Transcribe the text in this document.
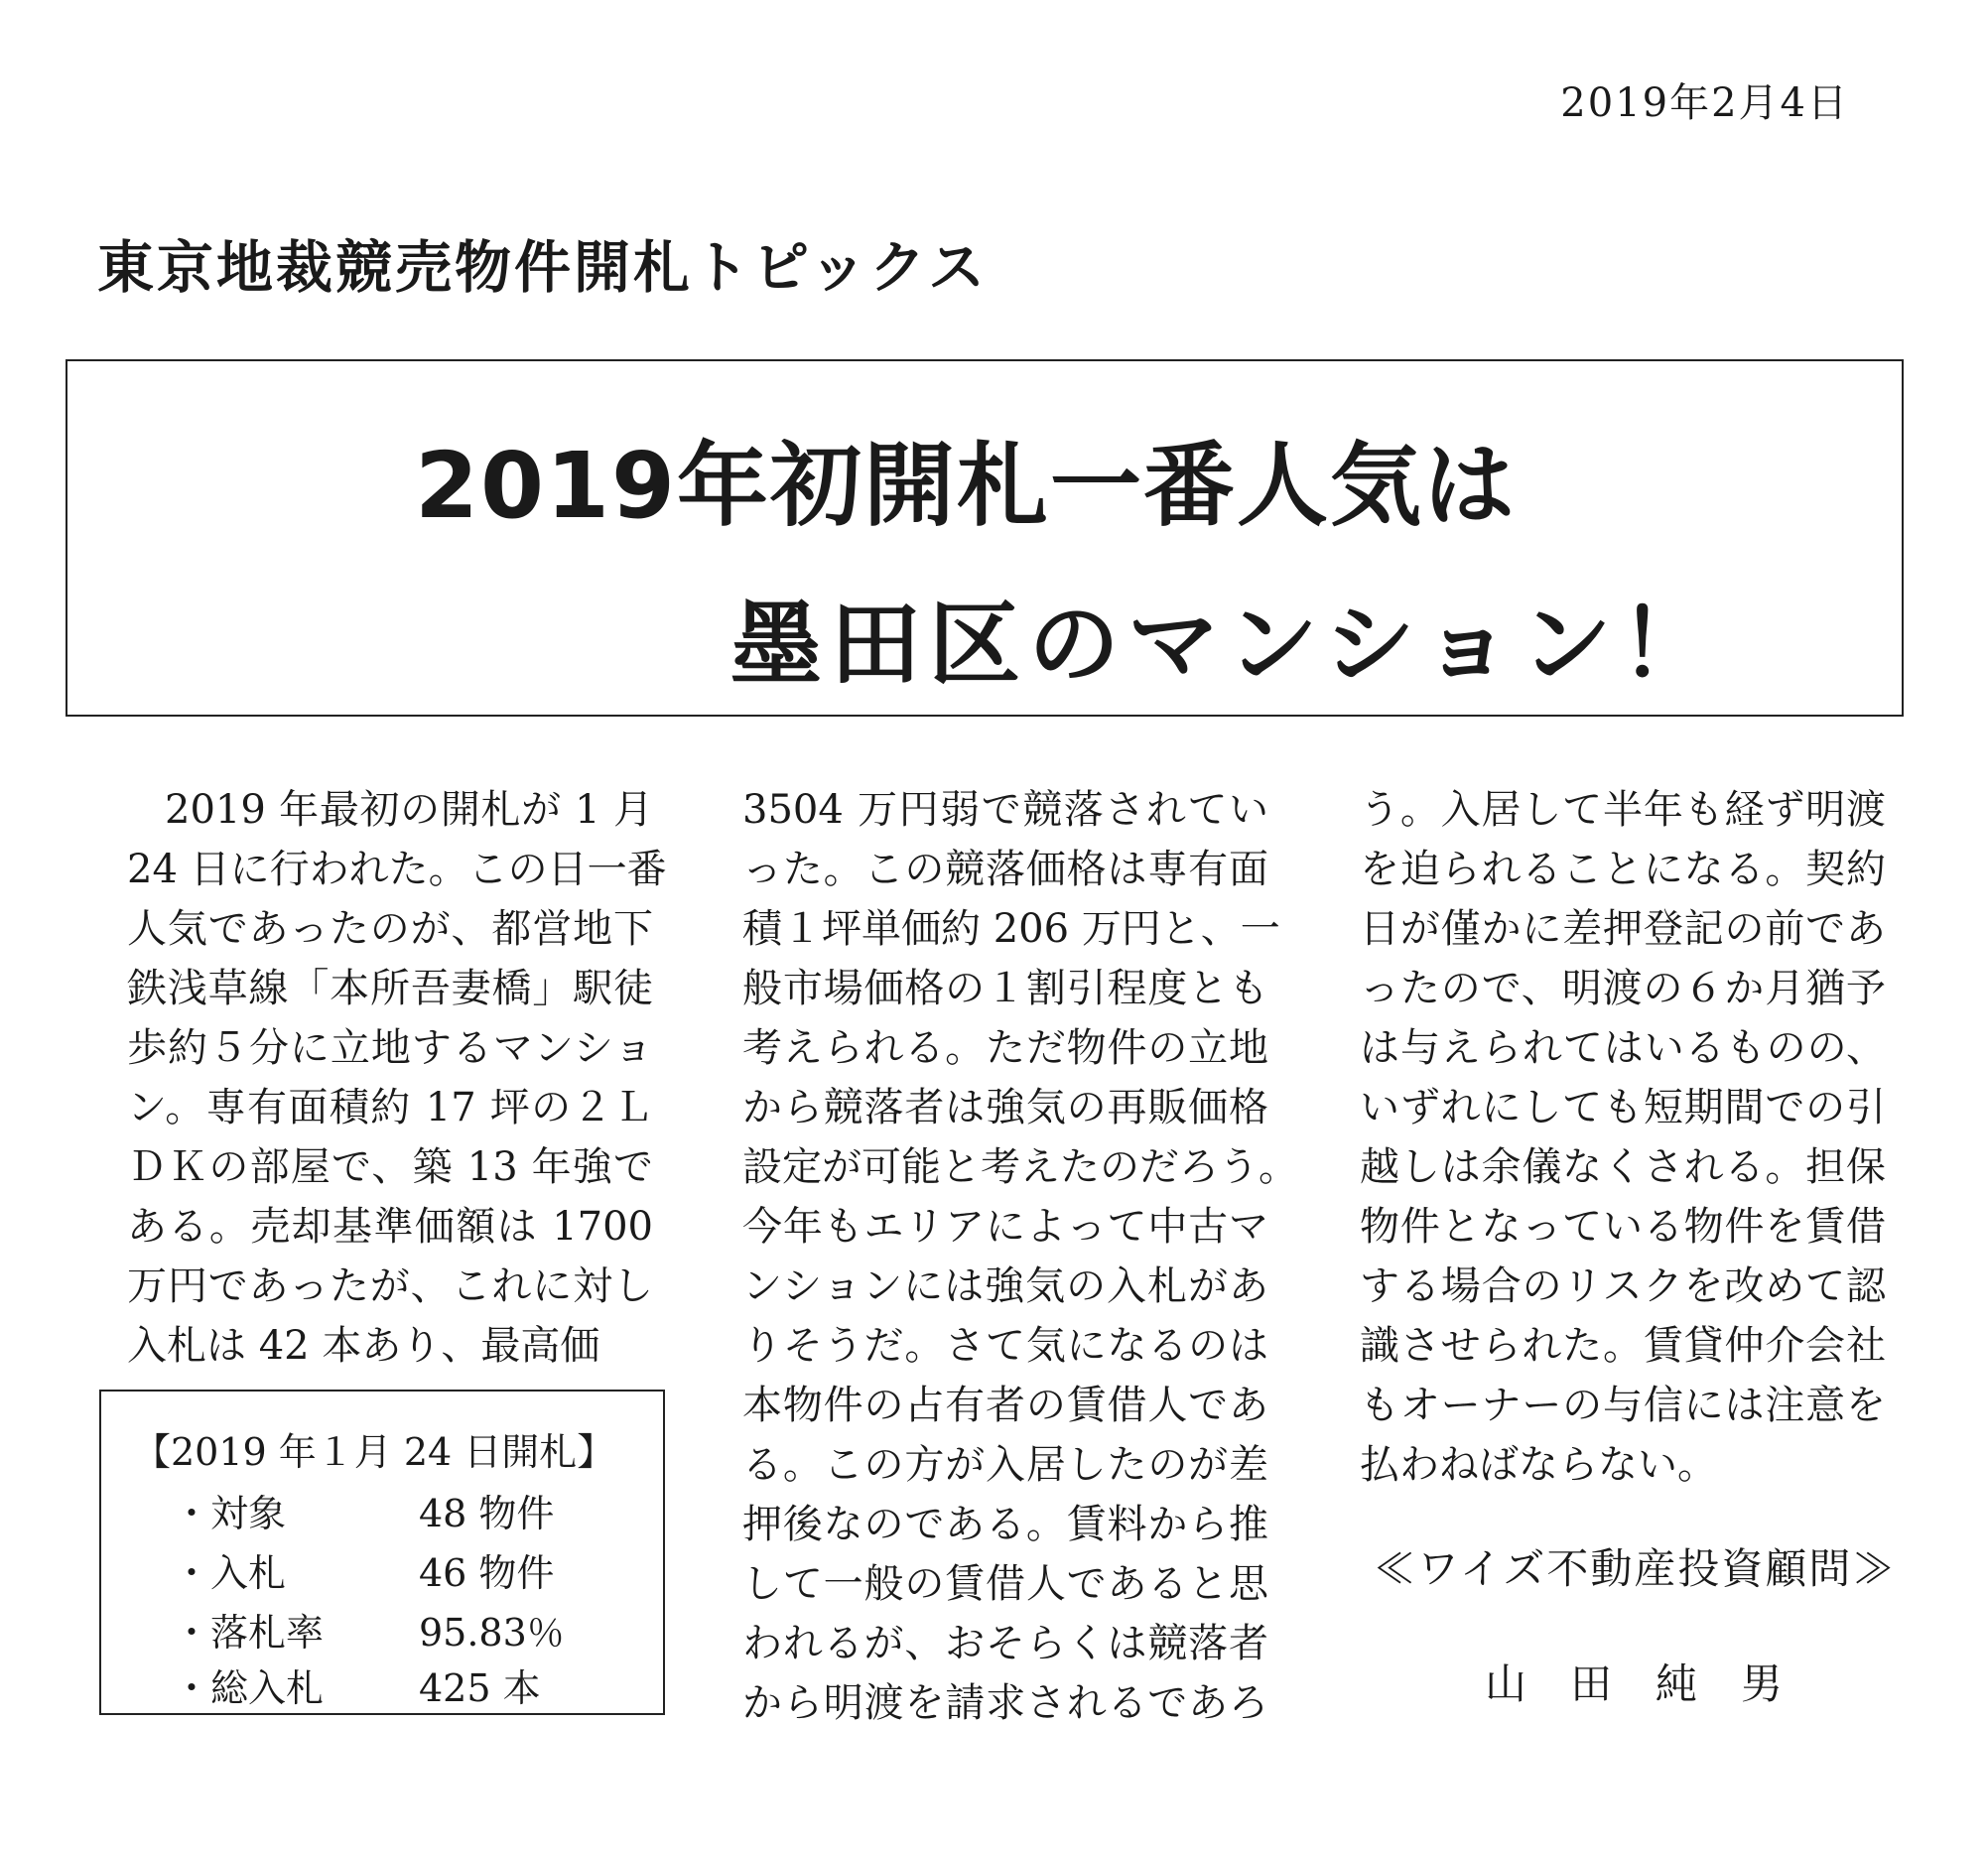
2019年2月4日
東京地裁競売物件開札トピックス
2019年初開札一番人気は
墨田区のマンション！
2019 年最初の開札が 1 月
24 日に行われた。この日一番
人気であったのが、都営地下
鉄浅草線「本所吾妻橋」駅徒
歩約５分に立地するマンショ
ン。専有面積約 17 坪の２Ｌ
ＤＫの部屋で、築 13 年強で
ある。売却基準価額は 1700
万円であったが、これに対し
入札は 42 本あり、最高価
【2019 年１月 24 日開札】
・対象	48 物件
・入札	46 物件
・落札率	95.83％
・総入札	425 本
3504 万円弱で競落されてい
った。この競落価格は専有面
積１坪単価約 206 万円と、一
般市場価格の１割引程度とも
考えられる。ただ物件の立地
から競落者は強気の再販価格
設定が可能と考えたのだろう。
今年もエリアによって中古マ
ンションには強気の入札があ
りそうだ。さて気になるのは
本物件の占有者の賃借人であ
る。この方が入居したのが差
押後なのである。賃料から推
して一般の賃借人であると思
われるが、おそらくは競落者
から明渡を請求されるであろ
う。入居して半年も経ず明渡
を迫られることになる。契約
日が僅かに差押登記の前であ
ったので、明渡の６か月猶予
は与えられてはいるものの、
いずれにしても短期間での引
越しは余儀なくされる。担保
物件となっている物件を賃借
する場合のリスクを改めて認
識させられた。賃貸仲介会社
もオーナーの与信には注意を
払わねばならない。
≪ワイズ不動産投資顧問≫
山田純男
